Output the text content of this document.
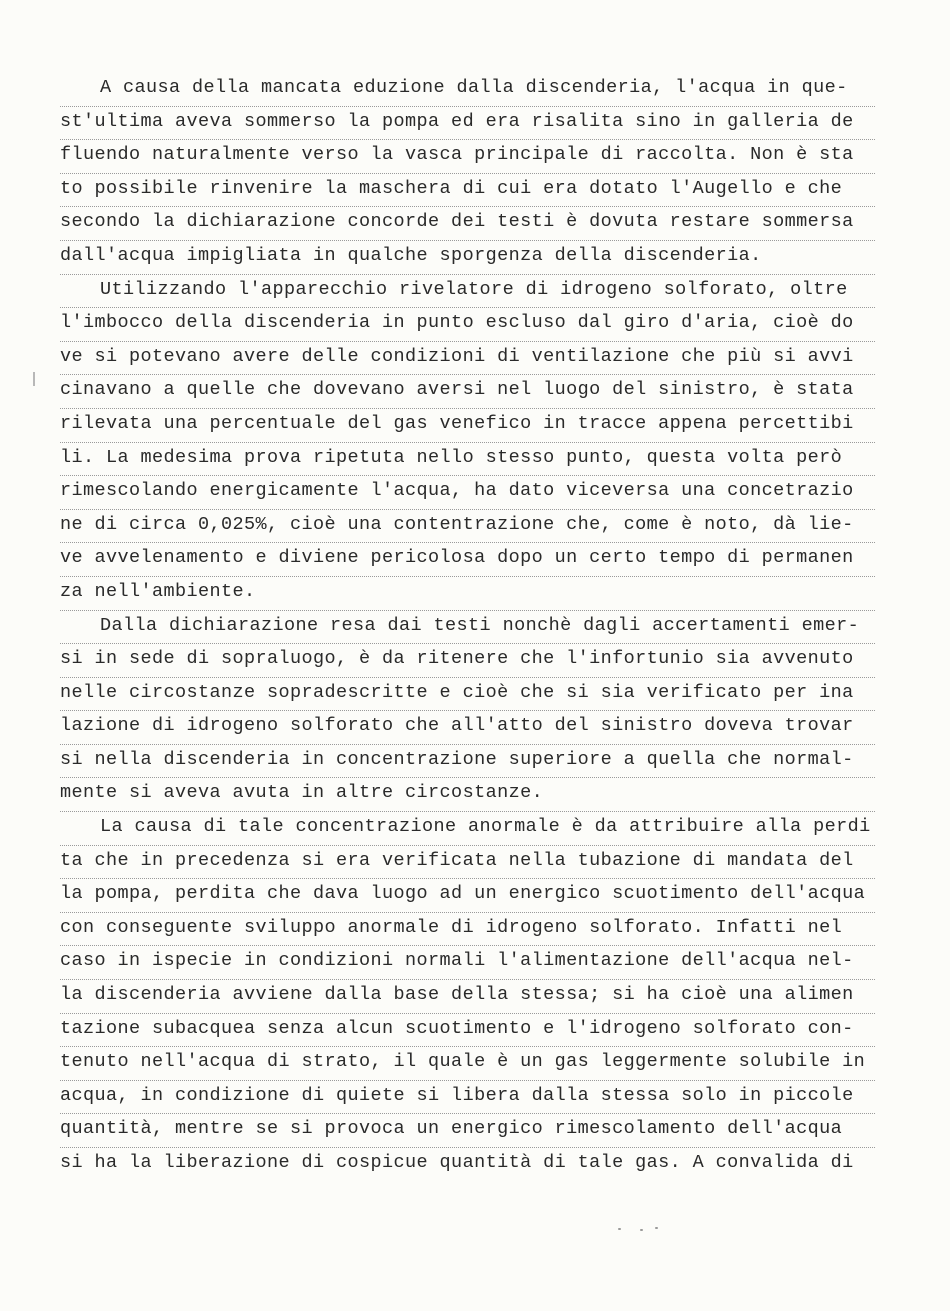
A causa della mancata eduzione dalla discenderia, l'acqua in que-
st'ultima aveva sommerso la pompa ed era risalita sino in galleria de
fluendo naturalmente verso la vasca principale di raccolta. Non è sta
to possibile rinvenire la maschera di cui era dotato l'Augello e che
secondo la dichiarazione concorde dei testi è dovuta restare sommersa
dall'acqua impigliata in qualche sporgenza della discenderia.
Utilizzando l'apparecchio rivelatore di idrogeno solforato, oltre
l'imbocco della discenderia in punto escluso dal giro d'aria, cioè do
ve si potevano avere delle condizioni di ventilazione che più si avvi
cinavano a quelle che dovevano aversi nel luogo del sinistro, è stata
rilevata una percentuale del gas venefico in tracce appena percettibi
li. La medesima prova ripetuta nello stesso punto, questa volta però
rimescolando energicamente l'acqua, ha dato viceversa una concetrazio
ne di circa 0,025%, cioè una contentrazione che, come è noto, dà lie-
ve avvelenamento e diviene pericolosa dopo un certo tempo di permanen
za nell'ambiente.
Dalla dichiarazione resa dai testi nonchè dagli accertamenti emer-
si in sede di sopraluogo, è da ritenere che l'infortunio sia avvenuto
nelle circostanze sopradescritte e cioè che si sia verificato per ina
lazione di idrogeno solforato che all'atto del sinistro doveva trovar
si nella discenderia in concentrazione superiore a quella che normal-
mente si aveva avuta in altre circostanze.
La causa di tale concentrazione anormale è da attribuire alla perdi
ta che in precedenza si era verificata nella tubazione di mandata del
la pompa, perdita che dava luogo ad un energico scuotimento dell'acqua
con conseguente sviluppo anormale di idrogeno solforato. Infatti nel
caso in ispecie in condizioni normali l'alimentazione dell'acqua nel-
la discenderia avviene dalla base della stessa; si ha cioè una alimen
tazione subacquea senza alcun scuotimento e l'idrogeno solforato con-
tenuto nell'acqua di strato, il quale è un gas leggermente solubile in
acqua, in condizione di quiete si libera dalla stessa solo in piccole
quantità, mentre se si provoca un energico rimescolamento dell'acqua
si ha la liberazione di cospicue quantità di tale gas. A convalida di
